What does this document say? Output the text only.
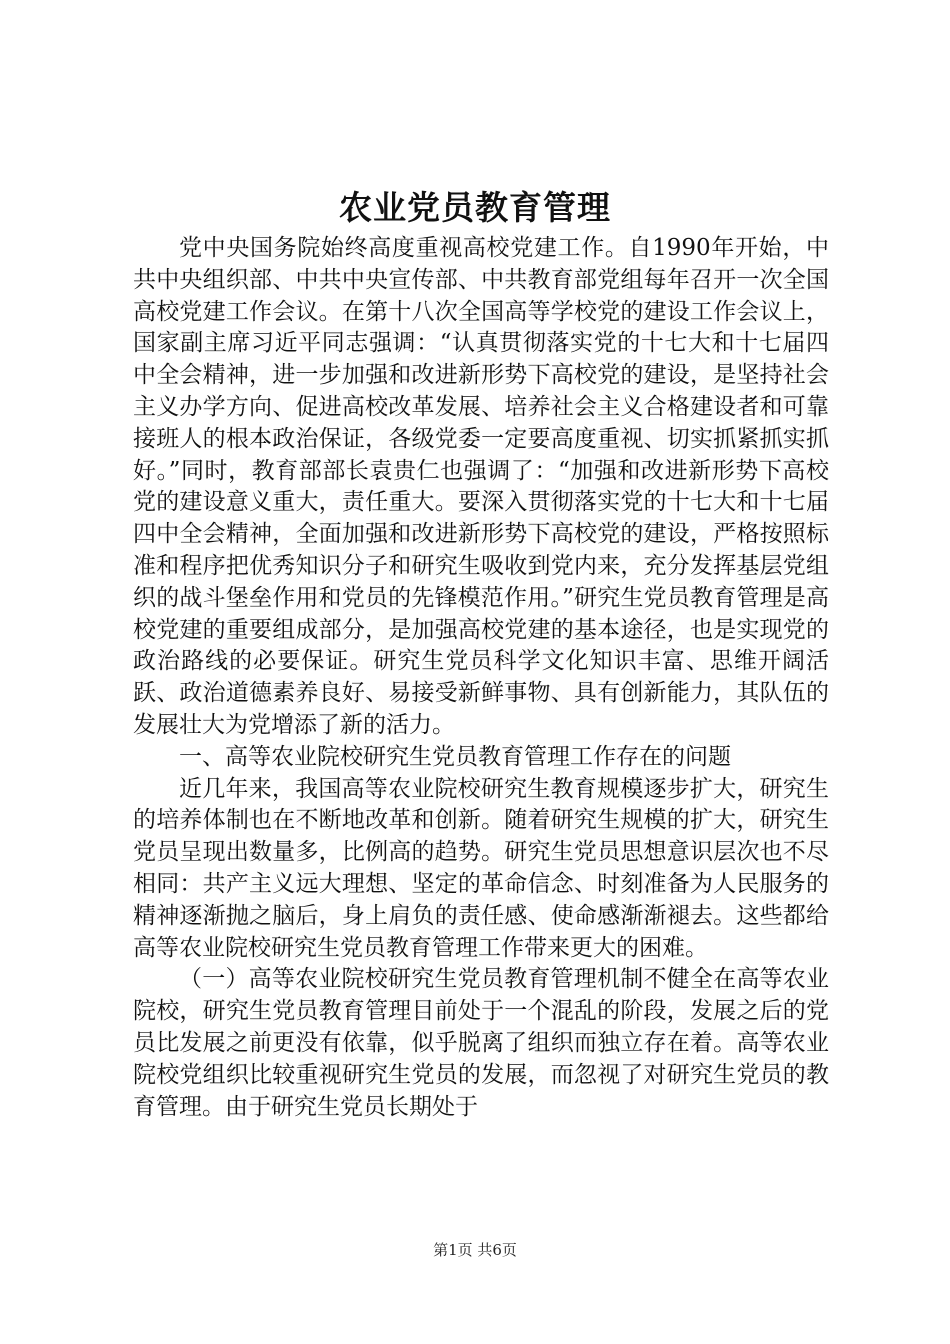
农业党员教育管理

党中央国务院始终高度重视高校党建工作。自1990年开始，中共中央组织部、中共中央宣传部、中共教育部党组每年召开一次全国高校党建工作会议。在第十八次全国高等学校党的建设工作会议上，国家副主席习近平同志强调：“认真贯彻落实党的十七大和十七届四中全会精神，进一步加强和改进新形势下高校党的建设，是坚持社会主义办学方向、促进高校改革发展、培养社会主义合格建设者和可靠接班人的根本政治保证，各级党委一定要高度重视、切实抓紧抓实抓好。”同时，教育部部长袁贵仁也强调了：“加强和改进新形势下高校党的建设意义重大，责任重大。要深入贯彻落实党的十七大和十七届四中全会精神，全面加强和改进新形势下高校党的建设，严格按照标准和程序把优秀知识分子和研究生吸收到党内来，充分发挥基层党组织的战斗堡垒作用和党员的先锋模范作用。”研究生党员教育管理是高校党建的重要组成部分，是加强高校党建的基本途径，也是实现党的政治路线的必要保证。研究生党员科学文化知识丰富、思维开阔活跃、政治道德素养良好、易接受新鲜事物、具有创新能力，其队伍的发展壮大为党增添了新的活力。

一、高等农业院校研究生党员教育管理工作存在的问题

近几年来，我国高等农业院校研究生教育规模逐步扩大，研究生的培养体制也在不断地改革和创新。随着研究生规模的扩大，研究生党员呈现出数量多，比例高的趋势。研究生党员思想意识层次也不尽相同：共产主义远大理想、坚定的革命信念、时刻准备为人民服务的精神逐渐抛之脑后，身上肩负的责任感、使命感渐渐褪去。这些都给高等农业院校研究生党员教育管理工作带来更大的困难。

（一）高等农业院校研究生党员教育管理机制不健全在高等农业院校，研究生党员教育管理目前处于一个混乱的阶段，发展之后的党员比发展之前更没有依靠，似乎脱离了组织而独立存在着。高等农业院校党组织比较重视研究生党员的发展，而忽视了对研究生党员的教育管理。由于研究生党员长期处于

第1页 共6页
